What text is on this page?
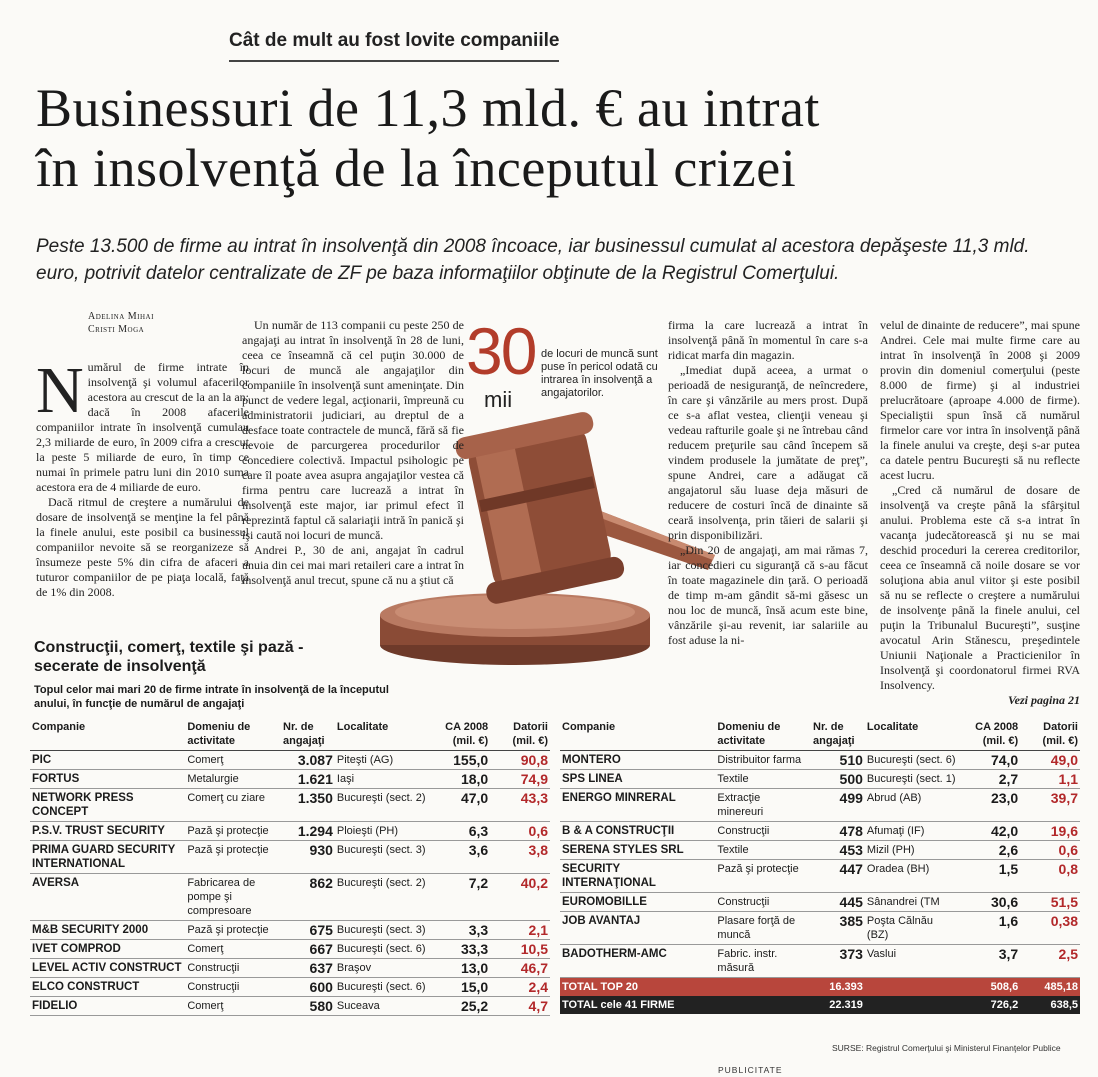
Cât de mult au fost lovite companiile
Businessuri de 11,3 mld. € au intrat
în insolvenţă de la începutul crizei
Peste 13.500 de firme au intrat în insolvenţă din 2008 încoace, iar businessul cumulat al acestora depăşeste 11,3 mld. euro, potrivit datelor centralizate de ZF pe baza informaţiilor obţinute de la Registrul Comerţului.
Adelina Mihai
Cristi Moga	30
mii
de locuri de muncă sunt puse în pericol odată cu intrarea în insolvenţă a angajatorilor.
N umărul de firme intrate în insolvenţă şi volumul afacerilor acestora au crescut de la an la an: dacă în 2008 afacerile companiilor intrate în insolvenţă cumulau 2,3 miliarde de euro, în 2009 cifra a crescut la peste 5 miliarde de euro, în timp ce numai în primele patru luni din 2010 suma acestora era de 4 miliarde de euro.

Dacă ritmul de creştere a numărului de dosare de insolvenţă se menţine la fel până la finele anului, este posibil ca businessul companiilor nevoite să se reorganizeze să însumeze peste 5% din cifra de afaceri a tuturor companiilor de pe piaţa locală, faţă de 1% din 2008.

Un număr de 113 companii cu peste 250 de angajaţi au intrat în insolvenţă în 28 de luni, ceea ce înseamnă că cel puţin 30.000 de locuri de muncă ale angajaţilor din companiile în insolvenţă sunt ameninţate. Din punct de vedere legal, acţionarii, împreună cu administratorii judiciari, au dreptul de a desface toate contractele de muncă, fără să fie nevoie de parcurgerea procedurilor de concediere colectivă. Impactul psihologic pe care îl poate avea asupra angajaţilor vestea că firma pentru care lucrează a intrat în insolvenţă este major, iar primul efect îl reprezintă faptul că salariaţii intră în panică şi îşi caută noi locuri de muncă.

Andrei P., 30 de ani, angajat în cadrul unuia din cei mai mari retaileri care a intrat în insolvenţă anul trecut, spune că nu a ştiut că

firma la care lucrează a intrat în insolvenţă până în momentul în care s-a ridicat marfa din magazin.

„Imediat după aceea, a urmat o perioadă de nesiguranţă, de neîncredere, în care şi vânzările au mers prost. După ce s-a aflat vestea, clienţii veneau şi vedeau rafturile goale şi ne întrebau când reducem preţurile sau când începem să vindem produsele la jumătate de preţ”, spune Andrei, care a adăugat că angajatorul său luase deja măsuri de reducere de costuri încă de dinainte să ceară insolvenţa, prin tăieri de salarii şi prin disponibilizări.

„Din 20 de angajaţi, am mai rămas 7, iar concedieri cu siguranţă că s-au făcut în toate magazinele din ţară. O perioadă de timp m-am gândit să-mi găsesc un nou loc de muncă, însă acum este bine, vânzările şi-au revenit, iar salariile au fost aduse la ni-

velul de dinainte de reducere”, mai spune Andrei. Cele mai multe firme care au intrat în insolvenţă în 2008 şi 2009 provin din domeniul comerţului (peste 8.000 de firme) şi al industriei prelucrătoare (aproape 4.000 de firme). Specialiştii spun însă că numărul firmelor care vor intra în insolvenţă până la finele anului va creşte, deşi s-ar putea ca datele pentru Bucureşti să nu reflecte acest lucru.

„Cred că numărul de dosare de insolvenţă va creşte până la sfârşitul anului. Problema este că s-a intrat în vacanţa judecătorească şi nu se mai deschid proceduri la cererea creditorilor, ceea ce înseamnă că noile dosare se vor soluţiona abia anul viitor şi este posibil să nu se reflecte o creştere a numărului de insolvenţe până la finele anului, cel puţin la Tribunalul Bucureşti”, susţine avocatul Arin Stănescu, preşedintele Uniunii Naţionale a Practicienilor în Insolvenţă şi coordonatorul firmei RVA Insolvency.

Vezi pagina 21
Construcţii, comerţ, textile şi pază - secerate de insolvenţă
Topul celor mai mari 20 de firme intrate în insolvenţă de la începutul anului, în funcţie de numărul de angajaţi
Companie	Domeniu de activitate	Nr. de angajaţi	Localitate	CA 2008 (mil. €)	Datorii (mil. €)
PIC	Comerţ	3.087	Piteşti (AG)	155,0	90,8
FORTUS	Metalurgie	1.621	Iaşi	18,0	74,9
NETWORK PRESS CONCEPT	Comerţ cu ziare	1.350	Bucureşti (sect. 2)	47,0	43,3
P.S.V. TRUST SECURITY	Pază şi protecţie	1.294	Ploieşti (PH)	6,3	0,6
PRIMA GUARD SECURITY INTERNATIONAL	Pază şi protecţie	930	Bucureşti (sect. 3)	3,6	3,8
AVERSA	Fabricarea de pompe şi compresoare	862	Bucureşti (sect. 2)	7,2	40,2
M&B SECURITY 2000	Pază şi protecţie	675	Bucureşti (sect. 3)	3,3	2,1
IVET COMPROD	Comerţ	667	Bucureşti (sect. 6)	33,3	10,5
LEVEL ACTIV CONSTRUCT	Construcţii	637	Braşov	13,0	46,7
ELCO CONSTRUCT	Construcţii	600	Bucureşti (sect. 6)	15,0	2,4
FIDELIO	Comerţ	580	Suceava	25,2	4,7
Companie	Domeniu de activitate	Nr. de angajaţi	Localitate	CA 2008 (mil. €)	Datorii (mil. €)
MONTERO	Distribuitor farma	510	Bucureşti (sect. 6)	74,0	49,0
SPS LINEA	Textile	500	Bucureşti (sect. 1)	2,7	1,1
ENERGO MINRERAL	Extracţie minereuri	499	Abrud (AB)	23,0	39,7
B & A CONSTRUCŢII	Construcţii	478	Afumaţi (IF)	42,0	19,6
SERENA STYLES SRL	Textile	453	Mizil (PH)	2,6	0,6
SECURITY INTERNAŢIONAL	Pază şi protecţie	447	Oradea (BH)	1,5	0,8
EUROMOBILLE	Construcţii	445	Sânandrei (TM	30,6	51,5
JOB AVANTAJ	Plasare forţă de muncă	385	Poşta Călnău (BZ)	1,6	0,38
BADOTHERM-AMC	Fabric. instr. măsură	373	Vaslui	3,7	2,5
TOTAL TOP 20		16.393		508,6	485,18
TOTAL cele 41 FIRME		22.319		726,2	638,5
SURSE: Registrul Comerţului şi Ministerul Finanţelor Publice
PUBLICITATE
